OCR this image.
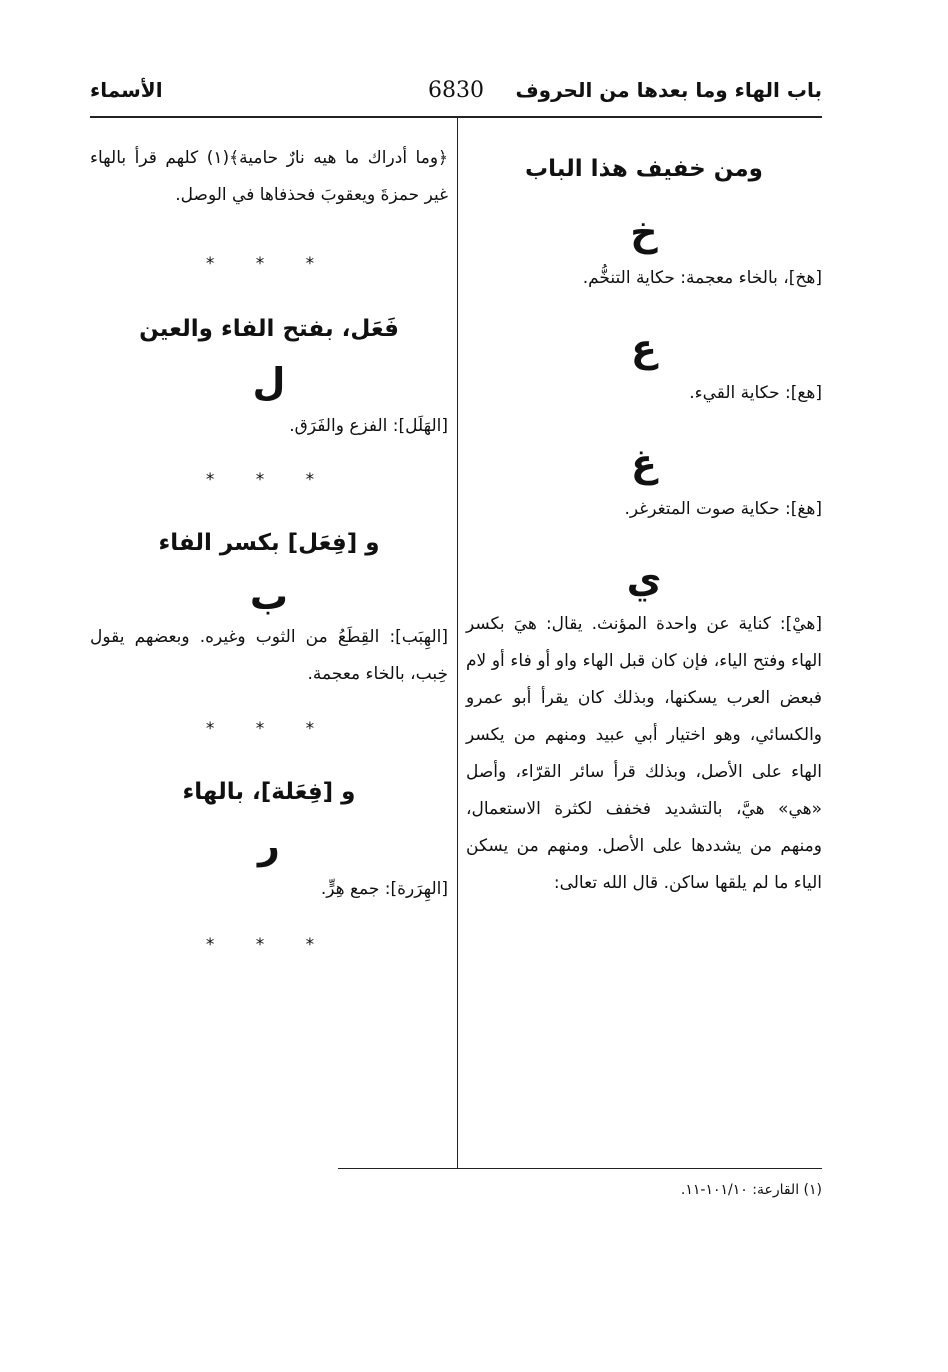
الأسماء	6830	باب الهاء وما بعدها من الحروف

ومن خفيف هذا الباب

خ

[هخ]، بالخاء معجمة: حكاية التنخُّم.

ع

[هع]: حكاية القيء.

غ

[هغ]: حكاية صوت المتغرغر.

ي

[هيْ]: كناية عن واحدة المؤنث. يقال: هيَ بكسر الهاء وفتح الياء، فإن كان قبل الهاء واو أو فاء أو لام فبعض العرب يسكنها، وبذلك كان يقرأ أبو عمرو والكسائي، وهو اختيار أبي عبيد ومنهم من يكسر الهاء على الأصل، وبذلك قرأ سائر القرّاء، وأصل «هي» هيَّ، بالتشديد فخفف لكثرة الاستعمال، ومنهم من يشددها على الأصل. ومنهم من يسكن الياء ما لم يلقها ساكن. قال الله تعالى:

﴿وما أدراك ما هيه نارٌ حامية﴾(١) كلهم قرأ بالهاء غير حمزةَ ويعقوبَ فحذفاها في الوصل.

* * *

فَعَل، بفتح الفاء والعين

ل

[الهَلَل]: الفزع والفَرَق.

* * *

و [فِعَل] بكسر الفاء

ب

[الهِبَب]: القِطَعُ من الثوب وغيره. وبعضهم يقول خِبب، بالخاء معجمة.

* * *

و [فِعَلة]، بالهاء

ر

[الهِرَرة]: جمع هِرٍّ.

* * *

(١) القارعة: ١٠١/١٠-١١.
